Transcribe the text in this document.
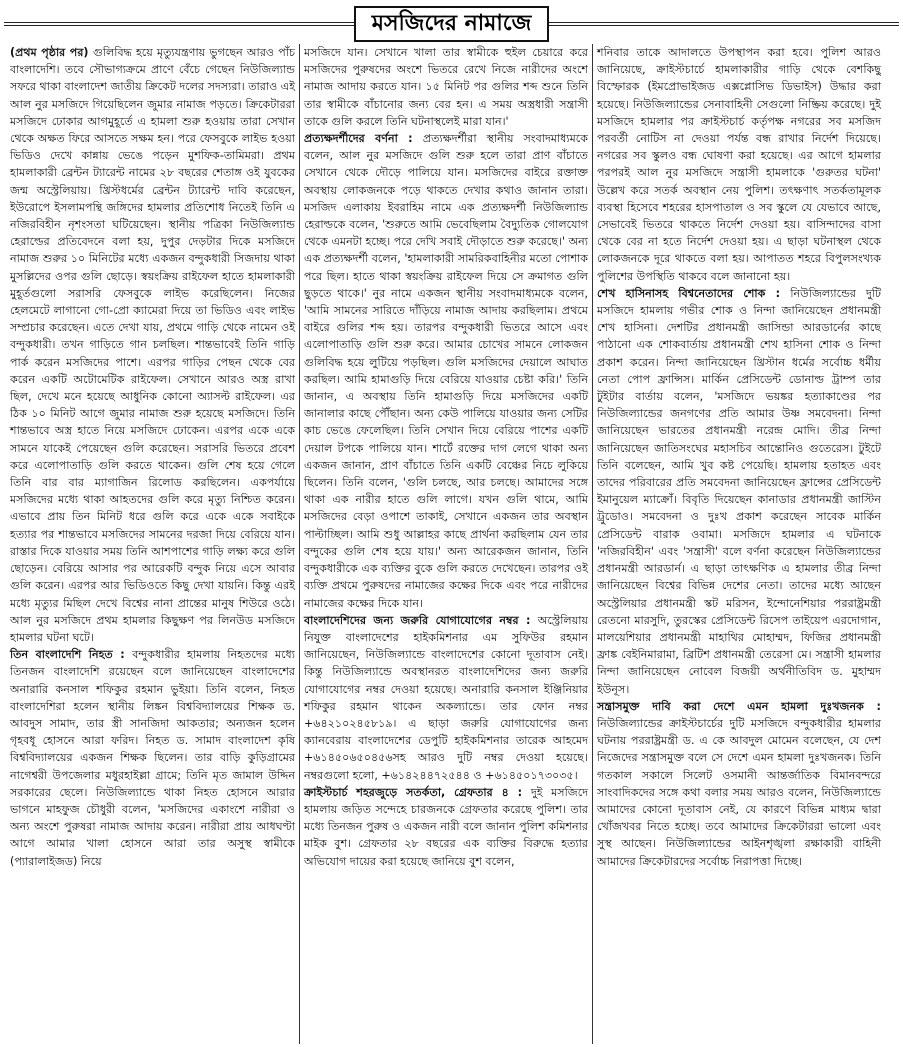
মসজিদের নামাজে

(প্রথম পৃষ্ঠার পর) গুলিবিদ্ধ হয়ে মৃত্যুযন্ত্রণায় ভুগছেন আরও পাঁচ বাংলাদেশি। তবে সৌভাগ্যক্রমে প্রাণে বেঁচে গেছেন নিউজিল্যান্ড সফরে থাকা বাংলাদেশ জাতীয় ক্রিকেট দলের সদস্যরা। তারাও এই আল নুর মসজিদে গিয়েছিলেন জুমার নামাজ পড়তে। ক্রিকেটাররা মসজিদে ঢোকার আগমুহূর্তে এ হামলা শুরু হওয়ায় তারা সেখান থেকে অক্ষত ফিরে আসতে সক্ষম হন। পরে ফেসবুকে লাইভ হওয়া ভিডিও দেখে কান্নায় ভেঙে পড়েন মুশফিক-তামিমরা। প্রথম হামলাকারী ব্রেন্টন ট্যারেন্ট নামের ২৮ বছরের শেতাঙ্গ ওই যুবকের জন্ম অস্ট্রেলিয়ায়। খ্রিস্টধর্মের ব্রেন্টন ট্যারেন্ট দাবি করেছেন, ইউরোপে ইসলামপন্থি জঙ্গিদের হামলার প্রতিশোধ নিতেই তিনি এ নজিরবিহীন নৃশংসতা ঘটিয়েছেন। স্থানীয় পত্রিকা নিউজিল্যান্ড হেরাল্ডের প্রতিবেদনে বলা হয়, দুপুর দেড়টার দিকে মসজিদে নামাজ শুরুর ১০ মিনিটের মধ্যে একজন বন্দুকধারী সিজদায় থাকা মুসল্লিদের ওপর গুলি ছোড়ে। স্বয়ংক্রিয় রাইফেল হাতে হামলাকারী মুহূর্তগুলো সরাসরি ফেসবুকে লাইভ করেছিলেন। নিজের হেলমেটে লাগানো গো-প্রো ক্যামেরা দিয়ে তা ভিডিও এবং লাইভ সম্প্রচার করেছেন। এতে দেখা যায়, প্রথমে গাড়ি থেকে নামেন ওই বন্দুকধারী। তখন গাড়িতে গান চলছিল। শান্তভাবেই তিনি গাড়ি পার্ক করেন মসজিদের পাশে। এরপর গাড়ির পেছন থেকে বের করেন একটি অটোমেটিক রাইফেল। সেখানে আরও অস্ত্র রাখা ছিল, দেখে মনে হয়েছে আধুনিক কোনো অ্যাসল্ট রাইফেল। এর ঠিক ১০ মিনিট আগে জুমার নামাজ শুরু হয়েছে মসজিদে। তিনি শান্তভাবে অস্ত্র হাতে নিয়ে মসজিদে ঢোকেন। এরপর একে একে সামনে যাকেই পেয়েছেন গুলি করেছেন। সরাসরি ভিতরে প্রবেশ করে এলোপাতাড়ি গুলি করতে থাকেন। গুলি শেষ হয়ে গেলে তিনি বার বার ম্যাগাজিন রিলোড করছিলেন। একপর্যায়ে মসজিদের মধ্যে থাকা আহতদের গুলি করে মৃত্যু নিশ্চিত করেন। এভাবে প্রায় তিন মিনিট ধরে গুলি করে একে একে সবাইকে হত্যার পর শান্তভাবে মসজিদের সামনের দরজা দিয়ে বেরিয়ে যান। রাস্তার দিকে যাওয়ার সময় তিনি আশপাশের গাড়ি লক্ষ্য করে গুলি ছোড়েন। বেরিয়ে আসার পর আরেকটি বন্দুক নিয়ে এসে আবার গুলি করেন। এরপর আর ভিডিওতে কিছু দেখা যায়নি। কিন্তু এরই মধ্যে মৃত্যুর মিছিল দেখে বিশ্বের নানা প্রান্তের মানুষ শিউরে ওঠে। আল নুর মসজিদে প্রথম হামলার কিছুক্ষণ পর লিনউড মসজিদে হামলার ঘটনা ঘটে।

তিন বাংলাদেশি নিহত : বন্দুকধারীর হামলায় নিহতদের মধ্যে তিনজন বাংলাদেশি রয়েছেন বলে জানিয়েছেন বাংলাদেশের অনারারি কনসাল শফিকুর রহমান ভুইয়া। তিনি বলেন, নিহত বাংলাদেশিরা হলেন স্থানীয় লিঙ্কন বিশ্ববিদ্যালয়ের শিক্ষক ড. আবদুস সামাদ, তার স্ত্রী সানজিদা আকতার; অন্যজন হলেন গৃহবধূ হোসনে আরা ফরিদ। নিহত ড. সামাদ বাংলাদেশ কৃষি বিশ্ববিদ্যালয়ের একজন শিক্ষক ছিলেন। তার বাড়ি কুড়িগ্রামের নাগেশ্বরী উপজেলার মধুরহাইল্লা গ্রামে; তিনি মৃত জামাল উদ্দিন সরকারের ছেলে। নিউজিল্যান্ডে থাকা নিহত হোসনে আরার ভাগনে মাহফুজ চৌধুরী বলেন, 'মসজিদের একাংশে নারীরা ও অন্য অংশে পুরুষরা নামাজ আদায় করেন। নারীরা প্রায় আধঘণ্টা আগে আমার খালা হোসনে আরা তার অসুস্থ স্বামীকে (প্যারালাইজড) নিয়ে

মসজিদে যান। সেখানে খালা তার স্বামীকে হুইল চেয়ারে করে মসজিদের পুরুষদের অংশে ভিতরে রেখে নিজে নারীদের অংশে নামাজ আদায় করতে যান। ১৫ মিনিট পর গুলির শব্দ শুনে তিনি তার স্বামীকে বাঁচানোর জন্য বের হন। এ সময় অস্ত্রধারী সন্ত্রাসী তাকে গুলি করলে তিনি ঘটনাস্থলেই মারা যান।'

প্রত্যক্ষদর্শীদের বর্ণনা : প্রত্যক্ষদর্শীরা স্থানীয় সংবাদমাধ্যমকে বলেন, আল নুর মসজিদে গুলি শুরু হলে তারা প্রাণ বাঁচাতে সেখানে থেকে দৌড়ে পালিয়ে যান। মসজিদের বাইরে রক্তাক্ত অবস্থায় লোকজনকে পড়ে থাকতে দেখার কথাও জানান তারা। মসজিদ এলাকায় ইবরাহিম নামে এক প্রত্যক্ষদর্শী নিউজিল্যান্ড হেরাল্ডকে বলেন, 'শুরুতে আমি ভেবেছিলাম বৈদ্যুতিক গোলযোগ থেকে এমনটা হচ্ছে। পরে দেখি সবাই দৌড়াতে শুরু করেছে।' অন্য এক প্রত্যক্ষদর্শী বলেন, 'হামলাকারী সামরিকবাহিনীর মতো পোশাক পরে ছিল। হাতে থাকা স্বয়ংক্রিয় রাইফেল দিয়ে সে ক্রমাগত গুলি ছুড়তে থাকে।' নুর নামে একজন স্থানীয় সংবাদমাধ্যমকে বলেন, 'আমি সামনের সারিতে দাঁড়িয়ে নামাজ আদায় করছিলাম। প্রথমে বাইরে গুলির শব্দ হয়। তারপর বন্দুকধারী ভিতরে আসে এবং এলোপাতাড়ি গুলি শুরু করে। আমার চোখের সামনে লোকজন গুলিবিদ্ধ হয়ে লুটিয়ে পড়ছিল। গুলি মসজিদের দেয়ালে আঘাত করছিল। আমি হামাগুড়ি দিয়ে বেরিয়ে যাওয়ার চেষ্টা করি।' তিনি জানান, এ অবস্থায় তিনি হামাগুড়ি দিয়ে মসজিদের একটি জানালার কাছে পৌঁছান। অন্য কেউ পালিয়ে যাওয়ার জন্য সেটির কাচ ভেঙে ফেলেছিল। তিনি সেখান দিয়ে বেরিয়ে পাশের একটি দেয়াল টপকে পালিয়ে যান। শার্টে রক্তের দাগ লেগে থাকা অন্য একজন জানান, প্রাণ বাঁচাতে তিনি একটি বেঞ্চের নিচে লুকিয়ে ছিলেন। তিনি বলেন, 'গুলি চলছে, আর চলছে। আমাদের সঙ্গে থাকা এক নারীর হাতে গুলি লাগে। যখন গুলি থামে, আমি মসজিদের বেড়া ওপাশে তাকাই, সেখানে একজন তার অবস্থান পাল্টাচ্ছিল। আমি শুধু আল্লাহর কাছে প্রার্থনা করছিলাম যেন তার বন্দুকের গুলি শেষ হয়ে যায়।' অন্য আরেকজন জানান, তিনি বন্দুকধারীকে এক ব্যক্তির বুকে গুলি করতে দেখেছেন। তারপর ওই ব্যক্তি প্রথমে পুরুষদের নামাজের কক্ষের দিকে এবং পরে নারীদের নামাজের কক্ষের দিকে যান।

বাংলাদেশিদের জন্য জরুরি যোগাযোগের নম্বর : অস্ট্রেলিয়ায় নিযুক্ত বাংলাদেশের হাইকমিশনার এম সুফিউর রহমান জানিয়েছেন, নিউজিল্যান্ডে বাংলাদেশের কোনো দূতাবাস নেই। কিন্তু নিউজিল্যান্ডে অবস্থানরত বাংলাদেশিদের জন্য জরুরি যোগাযোগের নম্বর দেওয়া হয়েছে। অনারারি কনসাল ইঞ্জিনিয়ার শফিকুর রহমান থাকেন অকল্যান্ডে। তার ফোন নম্বর +৬৪২১০২৪৫৮১৯। এ ছাড়া জরুরি যোগাযোগের জন্য ক্যানবেরায় বাংলাদেশের ডেপুটি হাইকমিশনার তারেক আহমেদ +৬১৪৫০৬৫০৪৫৬সহ আরও দুটি নম্বর দেওয়া হয়েছে। নম্বরগুলো হলো, +৬১৪২৪৪৭২৫৪৪ ও +৬১৪৫০১৭৩০৩৫।

ক্রাইস্টচার্চ শহরজুড়ে সতর্কতা, গ্রেফতার ৪ : দুই মসজিদে হামলায় জড়িত সন্দেহে চারজনকে গ্রেফতার করেছে পুলিশ। তার মধ্যে তিনজন পুরুষ ও একজন নারী বলে জানান পুলিশ কমিশনার মাইক বুশ। গ্রেফতার ২৮ বছরের এক ব্যক্তির বিরুদ্ধে হত্যার অভিযোগ দায়ের করা হয়েছে জানিয়ে বুশ বলেন,

শনিবার তাকে আদালতে উপস্থাপন করা হবে। পুলিশ আরও জানিয়েছে, ক্রাইস্টচার্চে হামলাকারীর গাড়ি থেকে বেশকিছু বিস্ফোরক (ইমপ্রোভাইজড এক্সপ্লোসিভ ডিভাইস) উদ্ধার করা হয়েছে। নিউজিল্যান্ডের সেনাবাহিনী সেগুলো নিষ্ক্রিয় করেছে। দুই মসজিদে হামলার পর ক্রাইস্টচার্চ কর্তৃপক্ষ নগরের সব মসজিদ পরবর্তী নোটিস না দেওয়া পর্যন্ত বন্ধ রাখার নির্দেশ দিয়েছে। নগরের সব স্কুলও বন্ধ ঘোষণা করা হয়েছে। এর আগে হামলার পরপরই আল নুর মসজিদে সন্ত্রাসী হামলাকে 'গুরুতর ঘটনা' উল্লেখ করে সতর্ক অবস্থান নেয় পুলিশ। তৎক্ষণাৎ সতর্কতামূলক ব্যবস্থা হিসেবে শহরের হাসপাতাল ও সব স্কুলে যে যেভাবে আছে, সেভাবেই ভিতরে থাকতে নির্দেশ দেওয়া হয়। বাসিন্দাদের বাসা থেকে বের না হতে নির্দেশ দেওয়া হয়। এ ছাড়া ঘটনাস্থল থেকে লোকজনকে দূরে থাকতে বলা হয়। আপাতত শহরে বিপুলসংখ্যক পুলিশের উপস্থিতি থাকবে বলে জানানো হয়।

শেখ হাসিনাসহ বিশ্বনেতাদের শোক : নিউজিল্যান্ডের দুটি মসজিদে হামলায় গভীর শোক ও নিন্দা জানিয়েছেন প্রধানমন্ত্রী শেখ হাসিনা। দেশটির প্রধানমন্ত্রী জাসিন্ডা আরডার্নের কাছে পাঠানো এক শোকবার্তায় প্রধানমন্ত্রী শেখ হাসিনা শোক ও নিন্দা প্রকাশ করেন। নিন্দা জানিয়েছেন খ্রিস্টান ধর্মের সর্বোচ্চ ধর্মীয় নেতা পোপ ফ্রান্সিস। মার্কিন প্রেসিডেন্ট ডোনাল্ড ট্রাম্প তার টুইটার বার্তায় বলেন, 'মসজিদে ভয়ঙ্কর হত্যাকাণ্ডের পর নিউজিল্যান্ডের জনগণের প্রতি আমার উষ্ণ সমবেদনা। নিন্দা জানিয়েছেন ভারতের প্রধানমন্ত্রী নরেন্দ্র মোদি। তীব্র নিন্দা জানিয়েছেন জাতিসংঘের মহাসচিব আন্তোনিও গুতেরেস। টুইটে তিনি বলেছেন, আমি খুব কষ্ট পেয়েছি। হামলায় হতাহত এবং তাদের পরিবারের প্রতি সমবেদনা জানিয়েছেন ফ্রান্সের প্রেসিডেন্ট ইমানুয়েল ম্যাক্রোঁ। বিবৃতি দিয়েছেন কানাডার প্রধানমন্ত্রী জাস্টিন ট্রুডোও। সমবেদনা ও দুঃখ প্রকাশ করেছেন সাবেক মার্কিন প্রেসিডেন্ট বারাক ওবামা। মসজিদে হামলার এ ঘটনাকে 'নজিরবিহীন' এবং 'সন্ত্রাসী' বলে বর্ণনা করেছেন নিউজিল্যান্ডের প্রধানমন্ত্রী আরডার্ন। এ ছাড়া তাৎক্ষণিক এ হামলার তীব্র নিন্দা জানিয়েছেন বিশ্বের বিভিন্ন দেশের নেতা। তাদের মধ্যে আছেন অস্ট্রেলিয়ার প্রধানমন্ত্রী স্কট মরিসন, ইন্দোনেশিয়ার পররাষ্ট্রমন্ত্রী রেতনো মারসুদি, তুরস্কের প্রেসিডেন্ট রিসেপ তাইয়েপ এরদোগান, মালয়েশিয়ার প্রধানমন্ত্রী মাহাথির মোহাম্মদ, ফিজির প্রধানমন্ত্রী ফ্রাঙ্ক বেইনিমারামা, ব্রিটিশ প্রধানমন্ত্রী তেরেসা মে। সন্ত্রাসী হামলার নিন্দা জানিয়েছেন নোবেল বিজয়ী অর্থনীতিবিদ ড. মুহাম্মদ ইউনূস।

সন্ত্রাসমুক্ত দাবি করা দেশে এমন হামলা দুঃখজনক : নিউজিল্যান্ডের ক্রাইস্টচার্চের দুটি মসজিদে বন্দুকধারীর হামলার ঘটনায় পররাষ্ট্রমন্ত্রী ড. এ কে আবদুল মোমেন বলেছেন, যে দেশ নিজেদের সন্ত্রাসমুক্ত বলে সে দেশে এমন হামলা দুঃখজনক। তিনি গতকাল সকালে সিলেট ওসমানী আন্তর্জাতিক বিমানবন্দরে সাংবাদিকদের সঙ্গে কথা বলার সময় আরও বলেন, নিউজিল্যান্ডে আমাদের কোনো দূতাবাস নেই, যে কারণে বিভিন্ন মাধ্যম দ্বারা খোঁজখবর নিতে হচ্ছে। তবে আমাদের ক্রিকেটাররা ভালো এবং সুস্থ আছেন। নিউজিল্যান্ডের আইনশৃঙ্খলা রক্ষাকারী বাহিনী আমাদের ক্রিকেটারদের সর্বোচ্চ নিরাপত্তা দিচ্ছে।
